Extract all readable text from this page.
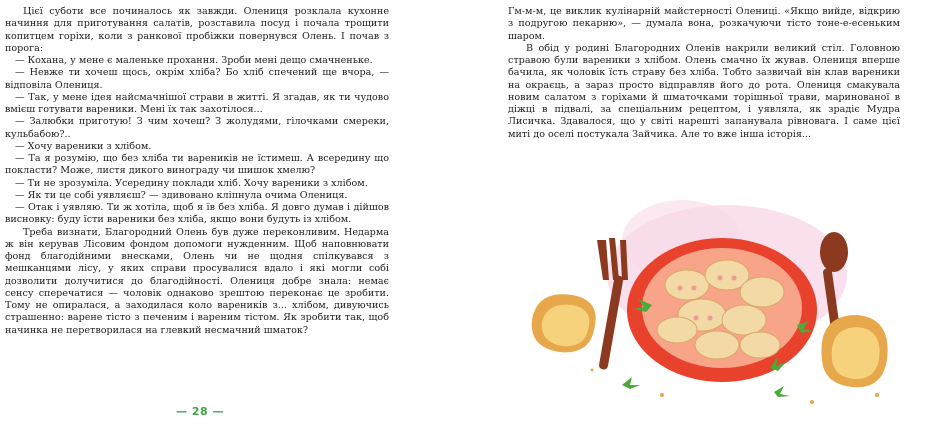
Цієї суботи все починалось як завжди. Олениця розклала кухонне начиння для приготування салатів, розставила посуд і почала трощити копитцем горіхи, коли з ранкової пробіжки повернувся Олень. І почав з порога:

— Кохана, у мене є маленьке прохання. Зроби мені дещо смачненьке.

— Невже ти хочеш щось, окрім хліба? Бо хліб спечений ще вчора, — відповіла Олениця.

— Так, у мене ідея найсмачнішої страви в житті. Я згадав, як ти чудово вмієш готувати вареники. Мені їх так захотілося...

— Залюбки приготую! З чим хочеш? З жолудями, гілочками смереки, кульбабою?..

— Хочу вареники з хлібом.

— Та я розумію, що без хліба ти вареників не їстимеш. А всередину що покласти? Може, листя дикого винограду чи шишок хмелю?

— Ти не зрозуміла. Усередину поклади хліб. Хочу вареники з хлібом.

— Як ти це собі уявляєш? — здивовано кліпнула очима Олениця.

— Отак і уявляю. Ти ж хотіла, щоб я їв без хліба. Я довго думав і дійшов висновку: буду їсти вареники без хліба, якщо вони будуть із хлібом.

Треба визнати, Благородний Олень був дуже переконливим. Недарма ж він керував Лісовим фондом допомоги нужденним. Щоб наповнювати фонд благодійними внесками, Олень чи не щодня спілкувався з мешканцями лісу, у яких справи просувалися вдало і які могли собі дозволити долучитися до благодійності. Олениця добре знала: немає сенсу сперечатися — чоловік однаково зрештою переконає це зробити. Тому не опиралася, а заходилася коло вареників з... хлібом, дивуючись страшенно: варене тісто з печеним і вареним тістом. Як зробити так, щоб начинка не перетворилася на глевкий несмачний шматок?

— 28 —

Гм-м-м, це виклик кулінарній майстерності Олениці. «Якщо вийде, відкрию з подругою пекарню», — думала вона, розкачуючи тісто тоне-е-есеньким шаром.

В обід у родині Благородних Оленів накрили великий стіл. Головною стравою були вареники з хлібом. Олень смачно їх жував. Олениця вперше бачила, як чоловік їсть страву без хліба. Тобто зазвичай він клав вареники на окраєць, а зараз просто відправляв його до рота. Олениця смакувала новим салатом з горіхами й шматочками торішньої трави, маринованої в діжці в підвалі, за спеціальним рецептом, і уявляла, як зрадіє Мудра Лисичка. Здавалося, що у світі нарешті запанувала рівновага. І саме цієї миті до оселі постукала Зайчика. Але то вже інша історія...
